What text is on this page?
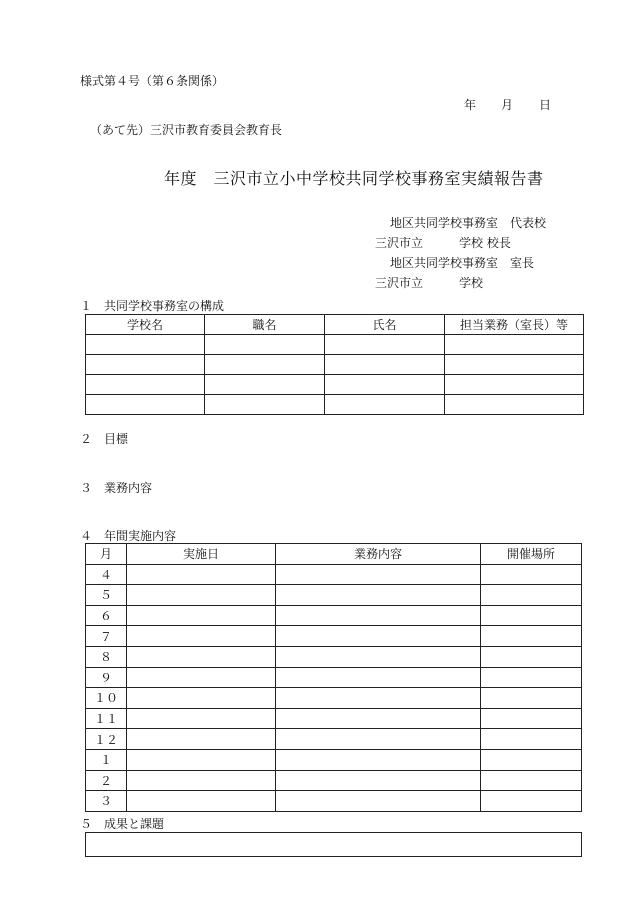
様式第４号（第６条関係）
年 月 日
（あて先）三沢市教育委員会教育長
年度　三沢市立小中学校共同学校事務室実績報告書
地区共同学校事務室　代表校
三沢市立　　　学校 校長
地区共同学校事務室　室長
三沢市立　　　学校
１　共同学校事務室の構成
学校名	職名	氏名	担当業務（室長）等

２　目標
３　業務内容
４　年間実施内容
月	実施日	業務内容	開催場所
４			
５			
６			
７			
８			
９			
１０			
１１			
１２			
１			
２			
３			
５　成果と課題
